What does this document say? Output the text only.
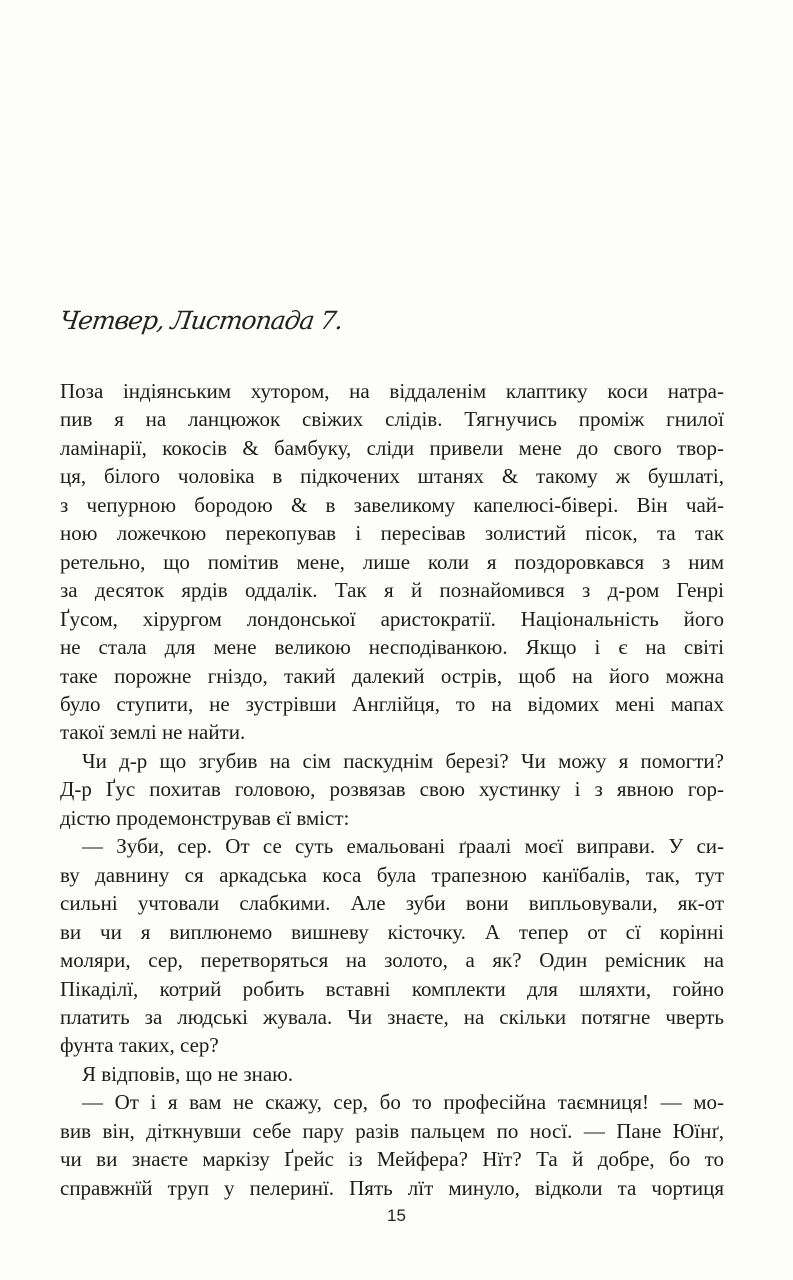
Четвер, Листопада 7.
Поза індіянським хутором, на віддаленім клаптику коси натра-
пив я на ланцюжок свіжих слідів. Тягнучись проміж гнилої
ламінарії, кокосів & бамбуку, сліди привели мене до свого твор-
ця, білого чоловіка в підкочених штанях & такому ж бушлаті,
з чепурною бородою & в завеликому капелюсі-бівері. Він чай-
ною ложечкою перекопував і пересівав золистий пісок, та так
ретельно, що помітив мене, лише коли я поздоровкався з ним
за десяток ярдів оддалік. Так я й познайомився з д-ром Генрі
Ґусом, хірургом лондонської аристократії. Національність його
не стала для мене великою несподіванкою. Якщо і є на світі
таке порожне гніздо, такий далекий острів, щоб на його можна
було ступити, не зустрівши Англійця, то на відомих мені мапах
такої землі не найти.
Чи д-р що згубив на сім паскуднім березі? Чи можу я помогти?
Д-р Ґус похитав головою, розвязав свою хустинку і з явною гор-
дістю продемонстрував єї вміст:
— Зуби, сер. От се суть емальовані ґраалі моєї виправи. У си-
ву давнину ся аркадська коса була трапезною канїбалів, так, тут
сильні учтовали слабкими. Але зуби вони випльовували, як-от
ви чи я виплюнемо вишневу кісточку. А тепер от сї корінні
моляри, сер, перетворяться на золото, а як? Один ремісник на
Пікаділї, котрий робить вставні комплекти для шляхти, гойно
платить за людські жувала. Чи знаєте, на скільки потягне чверть
фунта таких, сер?
Я відповів, що не знаю.
— От і я вам не скажу, сер, бо то професійна таємниця! — мо-
вив він, діткнувши себе пару разів пальцем по носї. — Пане Юїнґ,
чи ви знаєте маркізу Ґрейс із Мейфера? Нїт? Та й добре, бо то
справжнїй труп у пелеринї. Пять лїт минуло, відколи та чортиця
15
